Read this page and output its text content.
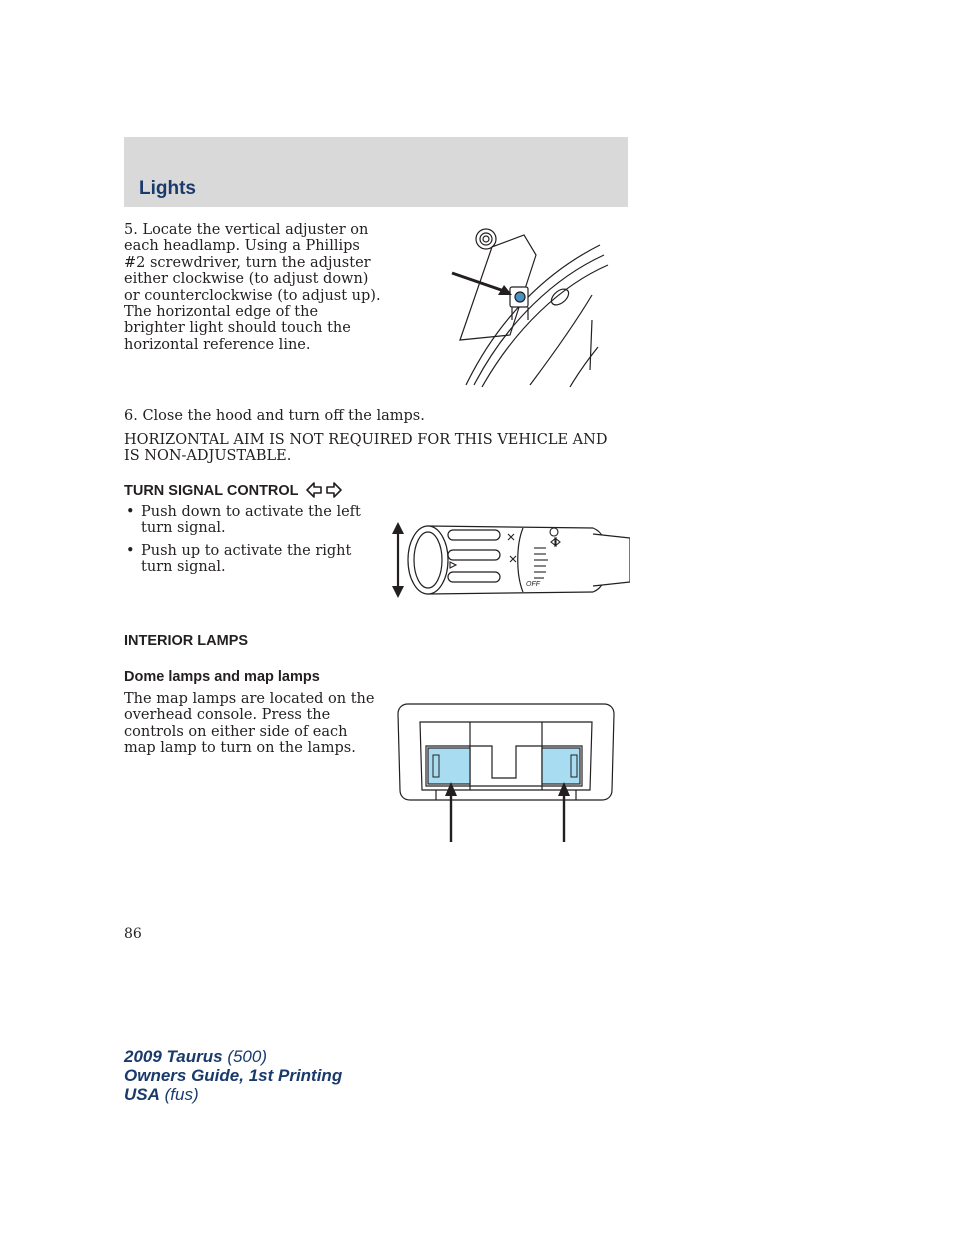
Lights

5. Locate the vertical adjuster on each headlamp. Using a Phillips #2 screwdriver, turn the adjuster either clockwise (to adjust down) or counterclockwise (to adjust up). The horizontal edge of the brighter light should touch the horizontal reference line.

6. Close the hood and turn off the lamps.

HORIZONTAL AIM IS NOT REQUIRED FOR THIS VEHICLE AND IS NON-ADJUSTABLE.

TURN SIGNAL CONTROL
• Push down to activate the left turn signal.
• Push up to activate the right turn signal.
OFF
INTERIOR LAMPS
Dome lamps and map lamps

The map lamps are located on the overhead console. Press the controls on either side of each map lamp to turn on the lamps.

86
2009 Taurus (500)
Owners Guide, 1st Printing
USA (fus)
